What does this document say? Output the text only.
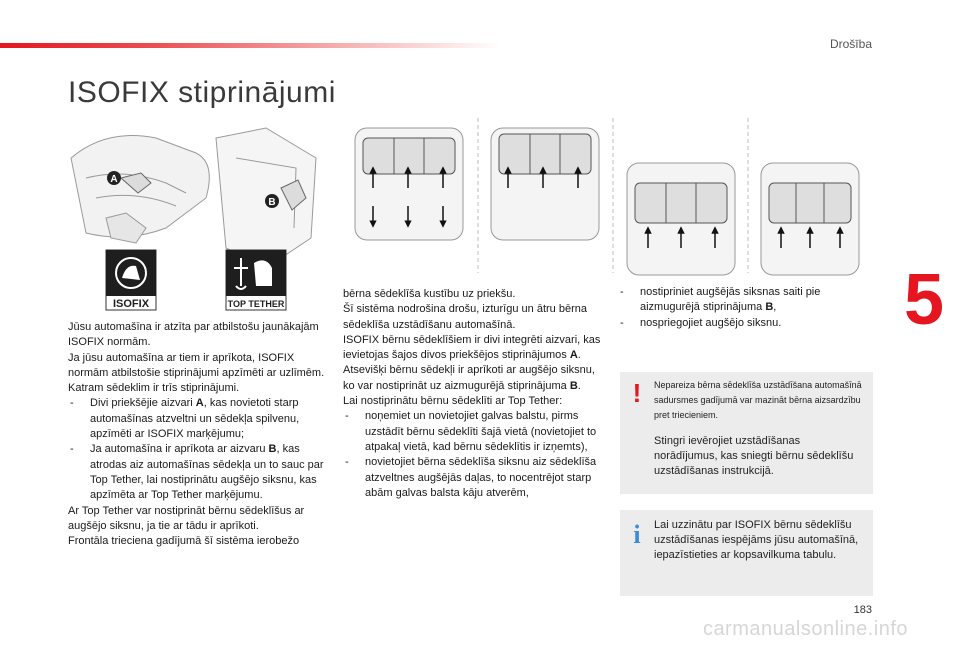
Drošība
ISOFIX stiprinājumi
5
A
B
ISOFIX	TOP TETHER

Jūsu automašīna ir atzīta par atbilstošu jaunākajām ISOFIX normām.

Ja jūsu automašīna ar tiem ir aprīkota, ISOFIX normām atbilstošie stiprinājumi apzīmēti ar uzlīmēm.

Katram sēdeklim ir trīs stiprinājumi.

- Divi priekšējie aizvari A, kas novietoti starp automašīnas atzveltni un sēdekļa spilvenu, apzīmēti ar ISOFIX marķējumu;

- Ja automašīna ir aprīkota ar aizvaru B, kas atrodas aiz automašīnas sēdekļa un to sauc par Top Tether, lai nostiprinātu augšējo siksnu, kas apzīmēta ar Top Tether marķējumu.

Ar Top Tether var nostiprināt bērnu sēdeklīšus ar augšējo siksnu, ja tie ar tādu ir aprīkoti.

Frontāla trieciena gadījumā šī sistēma ierobežo

bērna sēdeklīša kustību uz priekšu.

Šī sistēma nodrošina drošu, izturīgu un ātru bērna sēdeklīša uzstādīšanu automašīnā.

ISOFIX bērnu sēdeklīšiem ir divi integrēti aizvari, kas ievietojas šajos divos priekšējos stiprinājumos A.

Atsevišķi bērnu sēdekļi ir aprīkoti ar augšējo siksnu, ko var nostiprināt uz aizmugurējā stiprinājuma B.

Lai nostiprinātu bērnu sēdeklīti ar Top Tether:

- noņemiet un novietojiet galvas balstu, pirms uzstādīt bērnu sēdeklīti šajā vietā (novietojiet to atpakaļ vietā, kad bērnu sēdeklītis ir izņemts),

- novietojiet bērna sēdeklīša siksnu aiz sēdeklīša atzveltnes augšējās daļas, to nocentrējot starp abām galvas balsta kāju atverēm,

- nostipriniet augšējās siksnas saiti pie aizmugurējā stiprinājuma B,

- nospriegojiet augšējo siksnu.

! Nepareiza bērna sēdeklīša uzstādīšana automašīnā sadursmes gadījumā var mazināt bērna aizsardzību pret triecieniem.
Stingri ievērojiet uzstādīšanas norādījumus, kas sniegti bērnu sēdeklīšu uzstādīšanas instrukcijā.
i	Lai uzzinātu par ISOFIX bērnu sēdeklīšu uzstādīšanas iespējāms jūsu automašīnā, iepazīstieties ar kopsavilkuma tabulu.
183
carmanualsonline.info
